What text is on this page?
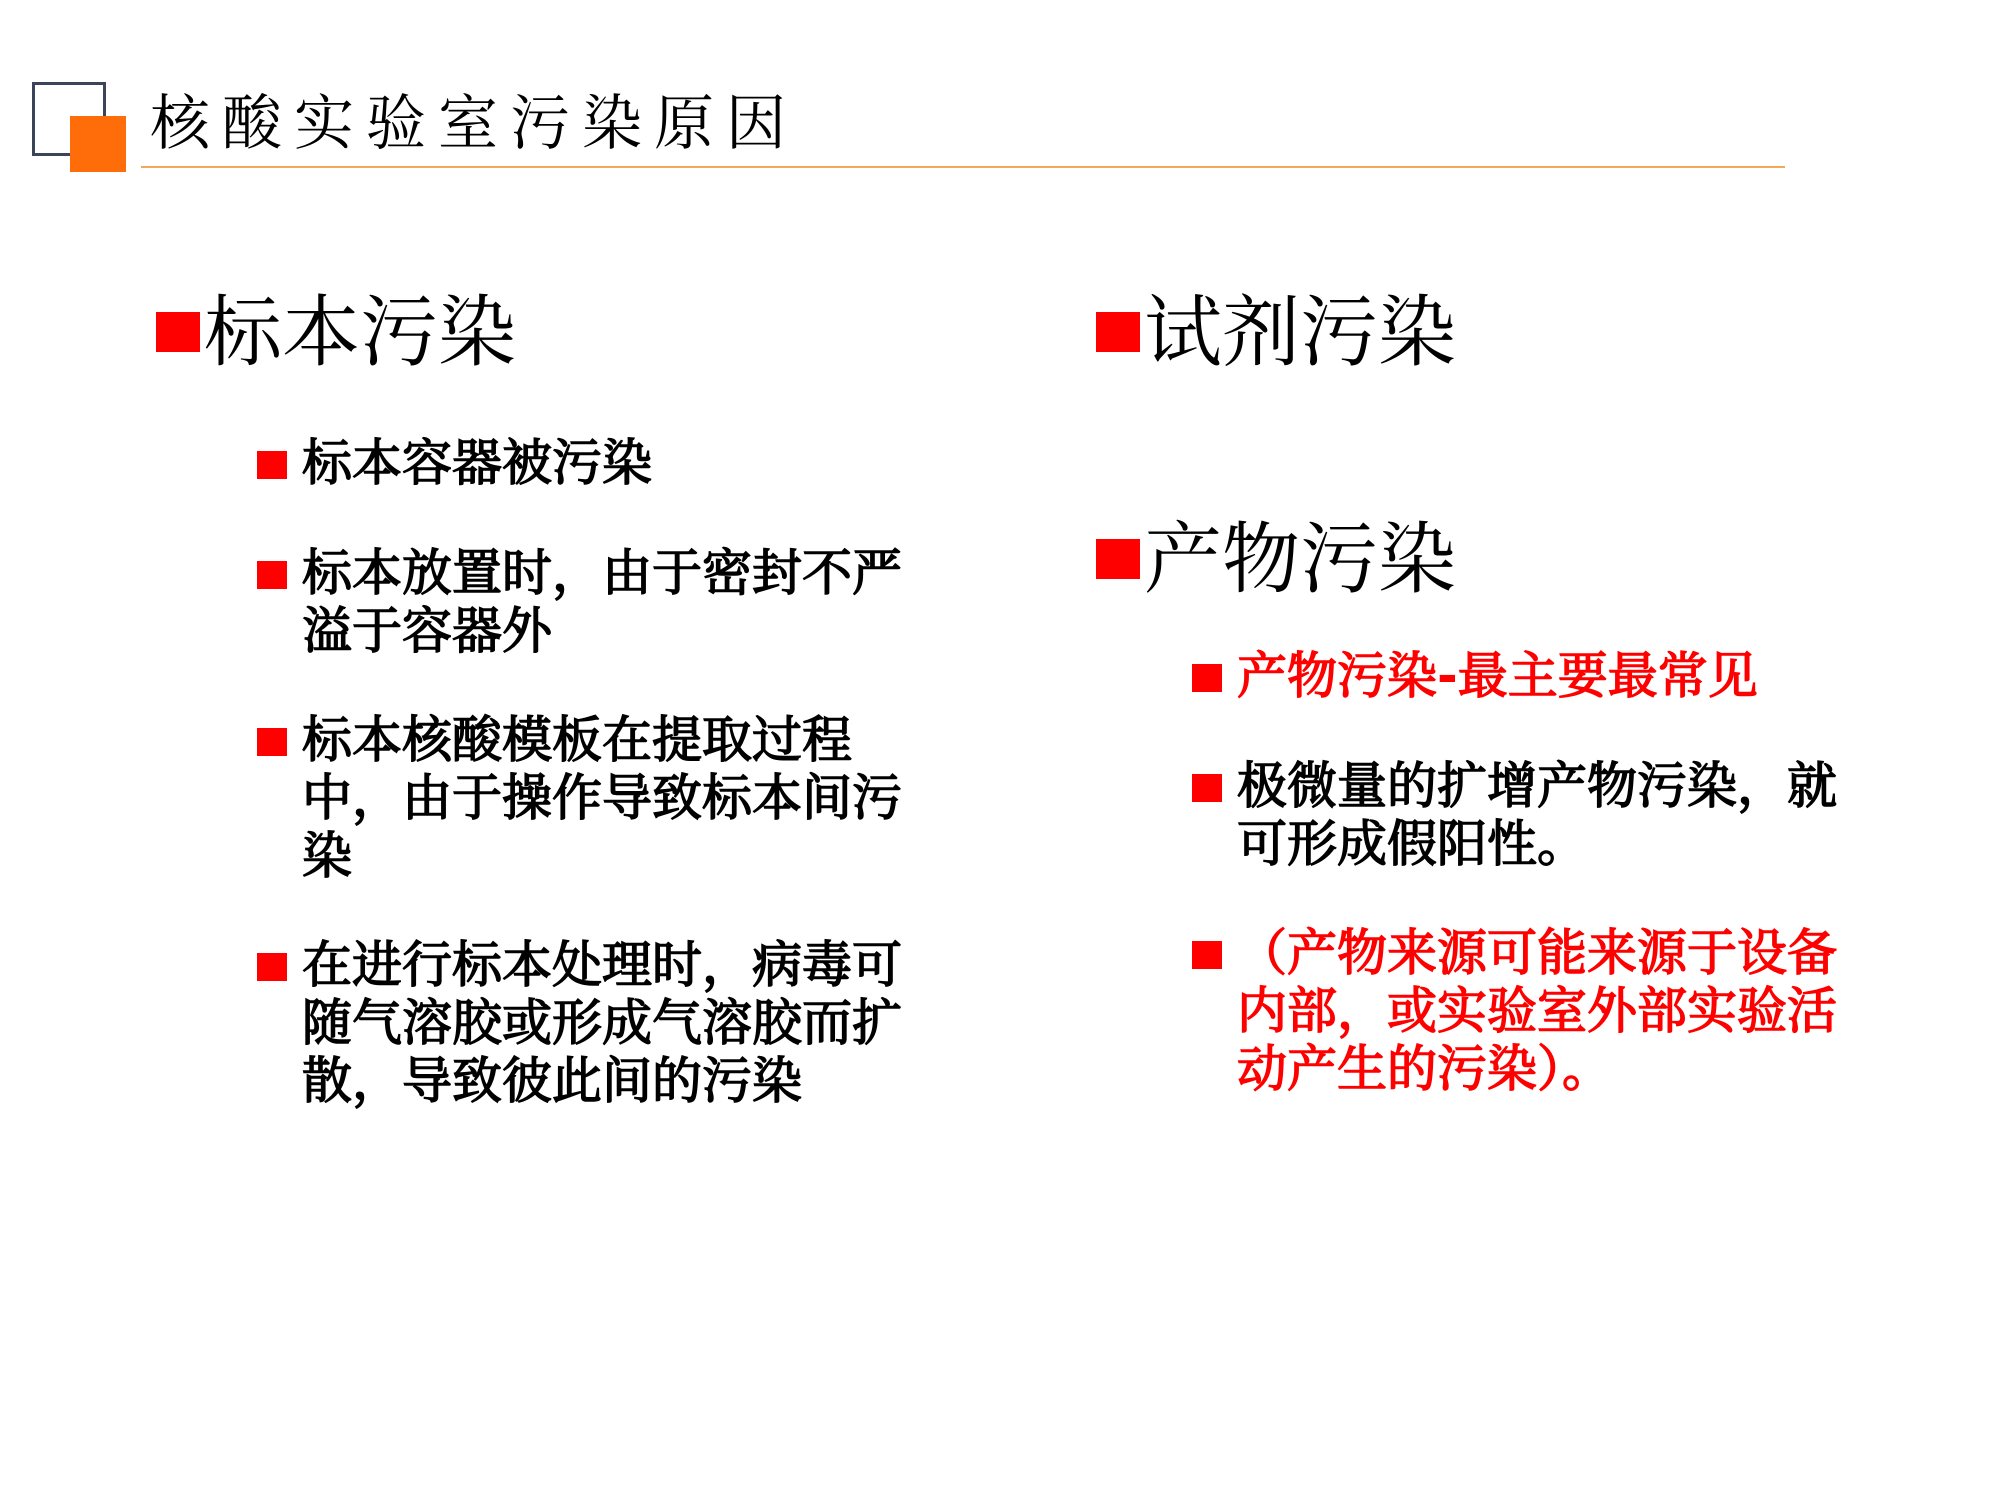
核酸实验室污染原因
标本污染

标本容器被污染

标本放置时，由于密封不严溢于容器外

标本核酸模板在提取过程中，由于操作导致标本间污染

在进行标本处理时，病毒可随气溶胶或形成气溶胶而扩散，导致彼此间的污染

试剂污染
产物污染

产物污染-最主要最常见

极微量的扩增产物污染，就可形成假阳性。

（产物来源可能来源于设备内部，或实验室外部实验活动产生的污染）。
